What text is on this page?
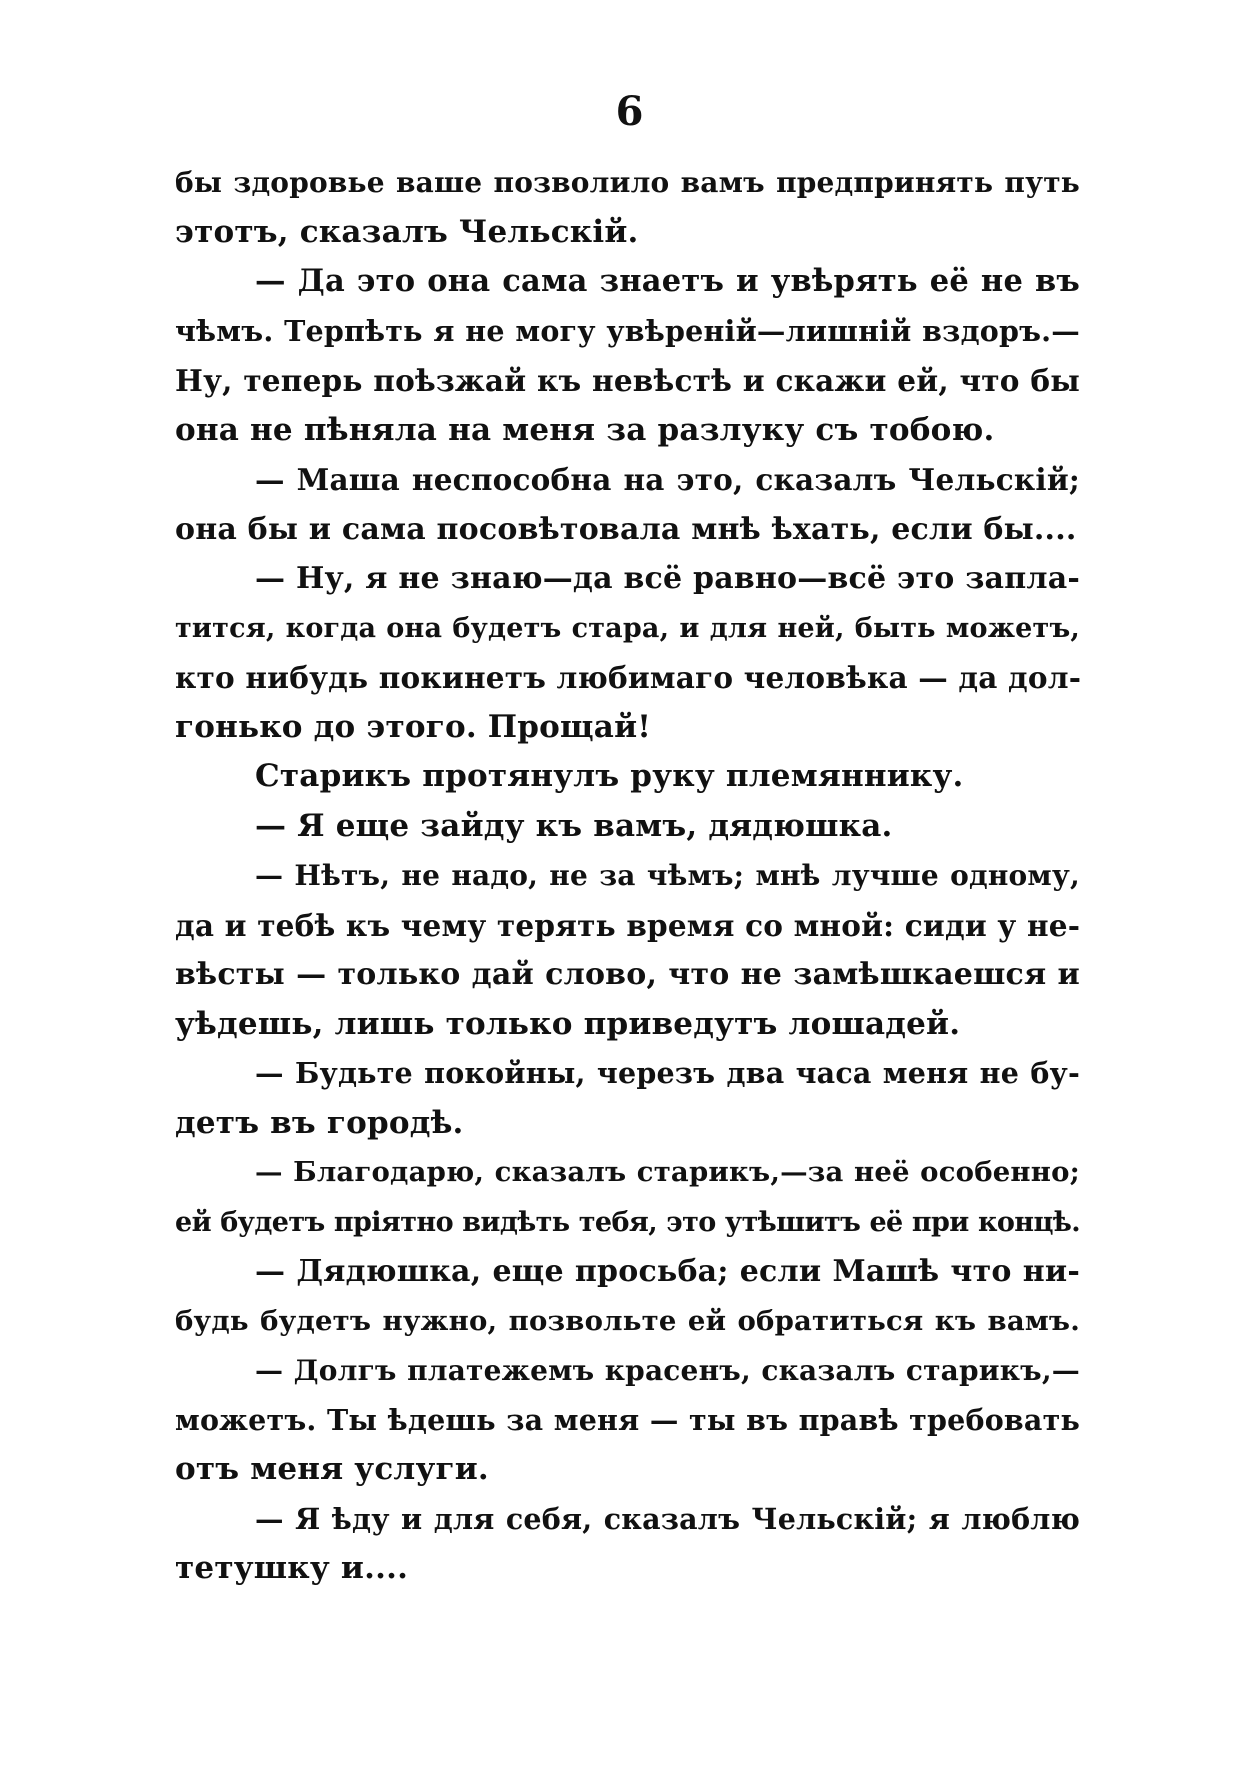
6
бы здоровье ваше позволило вамъ предпринять путь
этотъ, сказалъ Чельскій.
— Да это она сама знаетъ и увѣрять её не въ
чѣмъ. Терпѣть я не могу увѣреній—лишній вздоръ.—
Ну, теперь поѣзжай къ невѣстѣ и скажи ей, что бы
она не пѣняла на меня за разлуку съ тобою.
— Маша неспособна на это, сказалъ Чельскій;
она бы и сама посовѣтовала мнѣ ѣхать, если бы....
— Ну, я не знаю—да всё равно—всё это запла-
тится, когда она будетъ стара, и для ней, быть можетъ,
кто нибудь покинетъ любимаго человѣка — да дол-
гонько до этого. Прощай!
Старикъ протянулъ руку племяннику.
— Я еще зайду къ вамъ, дядюшка.
— Нѣтъ, не надо, не за чѣмъ; мнѣ лучше одному,
да и тебѣ къ чему терять время со мной: сиди у не-
вѣсты — только дай слово, что не замѣшкаешся и
уѣдешь, лишь только приведутъ лошадей.
— Будьте покойны, черезъ два часа меня не бу-
детъ въ городѣ.
— Благодарю, сказалъ старикъ,—за неё особенно;
ей будетъ пріятно видѣть тебя, это утѣшитъ её при концѣ.
— Дядюшка, еще просьба; если Машѣ что ни-
будь будетъ нужно, позвольте ей обратиться къ вамъ.
— Долгъ платежемъ красенъ, сказалъ старикъ,—
можетъ. Ты ѣдешь за меня — ты въ правѣ требовать
отъ меня услуги.
— Я ѣду и для себя, сказалъ Чельскій; я люблю
тетушку и....
